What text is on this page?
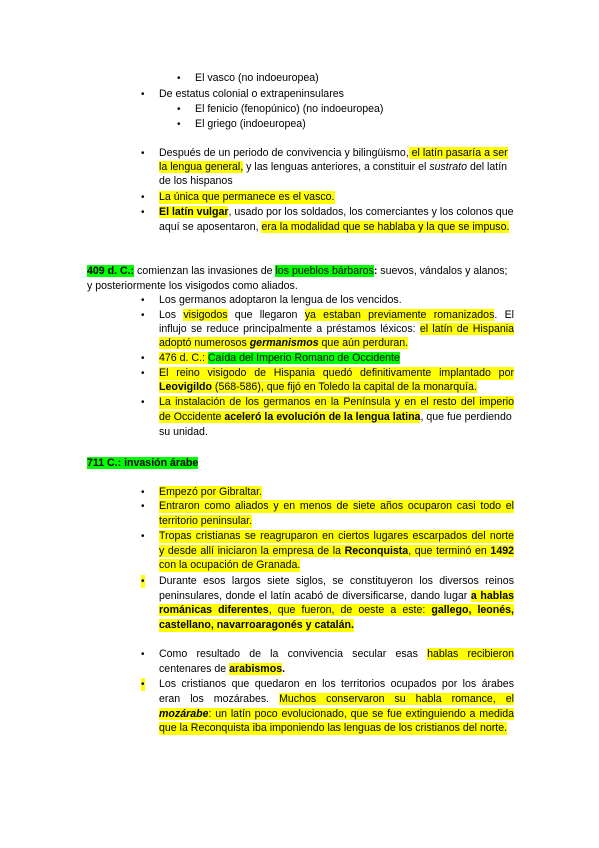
• El vasco (no indoeuropea)
• De estatus colonial o extrapeninsulares
• El fenicio (fenopúnico) (no indoeuropea)
• El griego (indoeuropea)
• Después de un periodo de convivencia y bilingüismo, el latín pasaría a ser
la lengua general, y las lenguas anteriores, a constituir el sustrato del latín
de los hispanos
• La única que permanece es el vasco.
• El latín vulgar, usado por los soldados, los comerciantes y los colonos que
aquí se aposentaron, era la modalidad que se hablaba y la que se impuso.
409 d. C.: comienzan las invasiones de los pueblos bárbaros: suevos, vándalos y alanos;
y posteriormente los visigodos como aliados.
• Los germanos adoptaron la lengua de los vencidos.
• Los visigodos que llegaron ya estaban previamente romanizados. El
influjo se reduce principalmente a préstamos léxicos: el latín de Hispania
adoptó numerosos germanismos que aún perduran.
• 476 d. C.: Caída del Imperio Romano de Occidente
• El reino visigodo de Hispania quedó definitivamente implantado por
Leovigildo (568-586), que fijó en Toledo la capital de la monarquía.
• La instalación de los germanos en la Península y en el resto del imperio
de Occidente aceleró la evolución de la lengua latina, que fue perdiendo
su unidad.
711 C.: invasión árabe
• Empezó por Gibraltar.
• Entraron como aliados y en menos de siete años ocuparon casi todo el
territorio peninsular.
• Tropas cristianas se reagruparon en ciertos lugares escarpados del norte
y desde allí iniciaron la empresa de la Reconquista, que terminó en 1492
con la ocupación de Granada.
• Durante esos largos siete siglos, se constituyeron los diversos reinos
peninsulares, donde el latín acabó de diversificarse, dando lugar a hablas
románicas diferentes, que fueron, de oeste a este: gallego, leonés,
castellano, navarroaragonés y catalán.
• Como resultado de la convivencia secular esas hablas recibieron
centenares de arabismos.
• Los cristianos que quedaron en los territorios ocupados por los árabes
eran los mozárabes. Muchos conservaron su habla romance, el
mozárabe: un latín poco evolucionado, que se fue extinguiendo a medida
que la Reconquista iba imponiendo las lenguas de los cristianos del norte.
